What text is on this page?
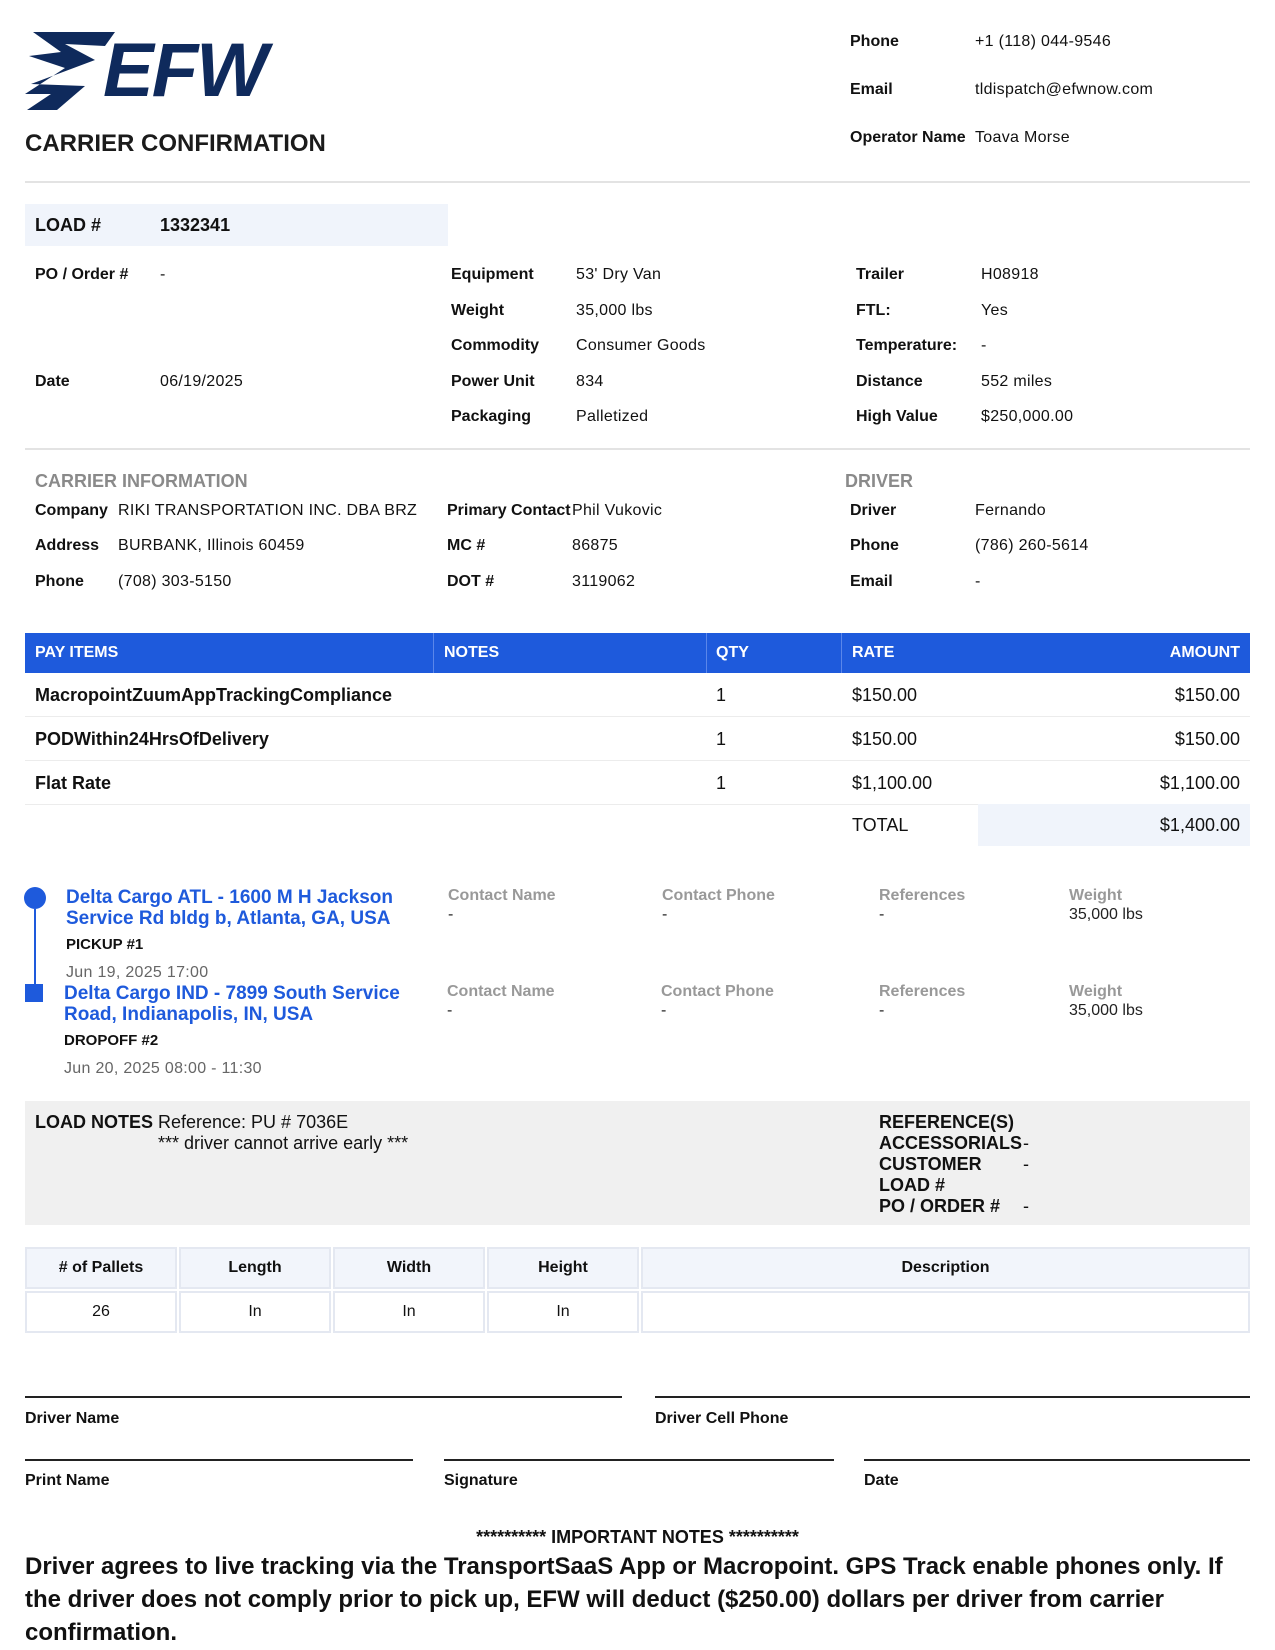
EFW
CARRIER CONFIRMATION
Phone	+1 (118) 044-9546
Email	tldispatch@efwnow.com
Operator Name Toava Morse
LOAD #	1332341
PO / Order # -
Date	06/19/2025
Equipment	53' Dry Van
Weight	35,000 lbs
Commodity Consumer Goods
Power Unit	834
Packaging	Palletized
Trailer	H08918
FTL:	Yes
Temperature: -
Distance	552 miles
High Value	$250,000.00
CARRIER INFORMATION
Company RIKI TRANSPORTATION INC. DBA BRZ
Address BURBANK, Illinois 60459
Phone (708) 303-5150
Primary Contact Phil Vukovic
MC #	86875
DOT #	3119062
DRIVER
Driver	Fernando
Phone	(786) 260-5614
Email	-
PAY ITEMS	NOTES	QTY	RATE	AMOUNT
MacropointZuumAppTrackingCompliance	1	$150.00	$150.00
PODWithin24HrsOfDelivery	1	$150.00	$150.00
Flat Rate	1	$1,100.00	$1,100.00
TOTAL	$1,400.00
Delta Cargo ATL - 1600 M H Jackson Service Rd bldg b, Atlanta, GA, USA
PICKUP #1
Jun 19, 2025 17:00
Contact Name
-
Contact Phone
-
References
-
Weight
35,000 lbs
Delta Cargo IND - 7899 South Service Road, Indianapolis, IN, USA
DROPOFF #2
Jun 20, 2025 08:00 - 11:30
Contact Name
-
Contact Phone
-
References
-
Weight
35,000 lbs
LOAD NOTES Reference: PU # 7036E
*** driver cannot arrive early ***
REFERENCE(S)
ACCESSORIALS -
CUSTOMER -
LOAD #
PO / ORDER # -
# of Pallets	Length	Width	Height	Description
26	In	In	In
Driver Name	Driver Cell Phone
Print Name	Signature	Date
********** IMPORTANT NOTES **********
Driver agrees to live tracking via the TransportSaaS App or Macropoint. GPS Track enable phones only. If the driver does not comply prior to pick up, EFW will deduct ($250.00) dollars per driver from carrier confirmation.
